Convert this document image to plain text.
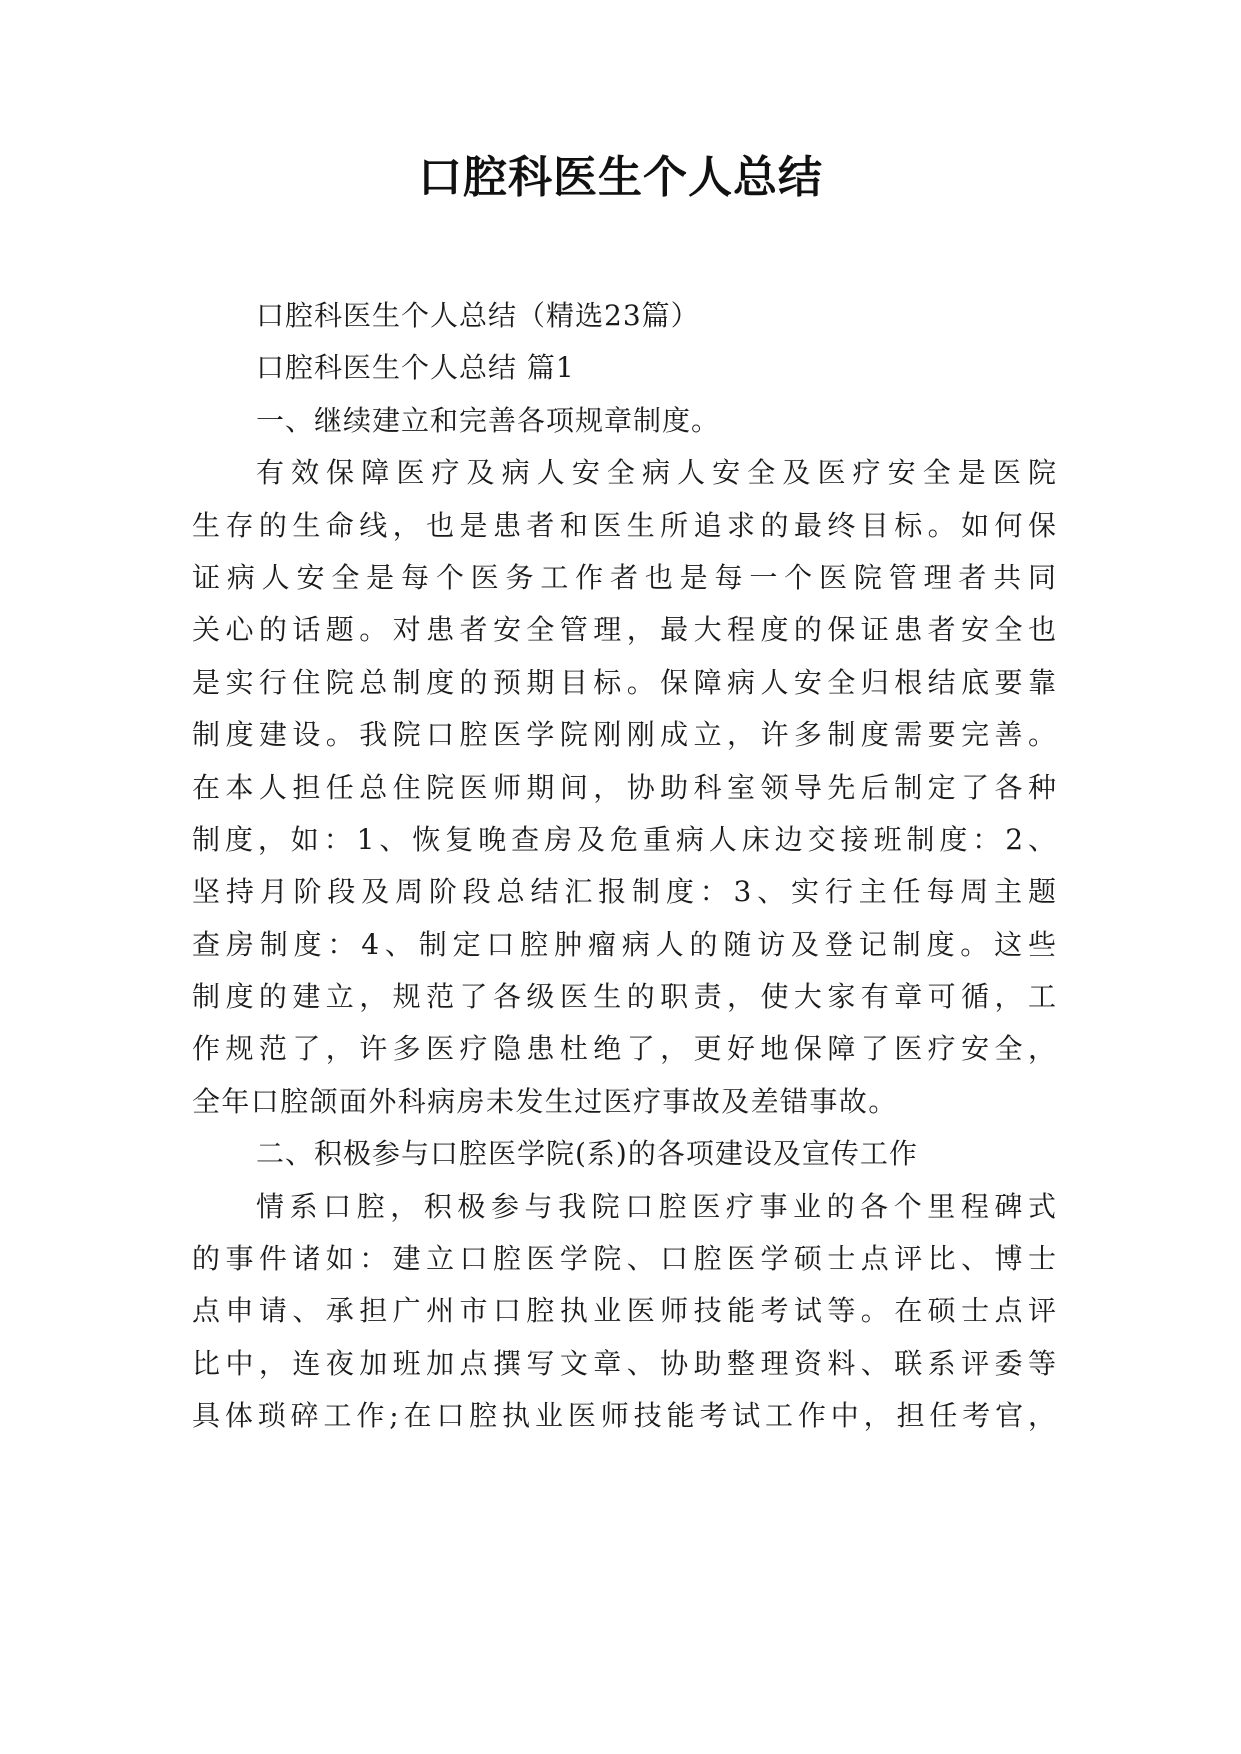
口腔科医生个人总结
口腔科医生个人总结（精选23篇）
口腔科医生个人总结 篇1
一、继续建立和完善各项规章制度。
有效保障医疗及病人安全病人安全及医疗安全是医院
生存的生命线，也是患者和医生所追求的最终目标。如何保
证病人安全是每个医务工作者也是每一个医院管理者共同
关心的话题。对患者安全管理，最大程度的保证患者安全也
是实行住院总制度的预期目标。保障病人安全归根结底要靠
制度建设。我院口腔医学院刚刚成立，许多制度需要完善。
在本人担任总住院医师期间，协助科室领导先后制定了各种
制度，如：1、恢复晚查房及危重病人床边交接班制度：2、
坚持月阶段及周阶段总结汇报制度：3、实行主任每周主题
查房制度：4、制定口腔肿瘤病人的随访及登记制度。这些
制度的建立，规范了各级医生的职责，使大家有章可循，工
作规范了，许多医疗隐患杜绝了，更好地保障了医疗安全，
全年口腔颌面外科病房未发生过医疗事故及差错事故。
二、积极参与口腔医学院(系)的各项建设及宣传工作
情系口腔，积极参与我院口腔医疗事业的各个里程碑式
的事件诸如：建立口腔医学院、口腔医学硕士点评比、博士
点申请、承担广州市口腔执业医师技能考试等。在硕士点评
比中，连夜加班加点撰写文章、协助整理资料、联系评委等
具体琐碎工作;在口腔执业医师技能考试工作中，担任考官，
